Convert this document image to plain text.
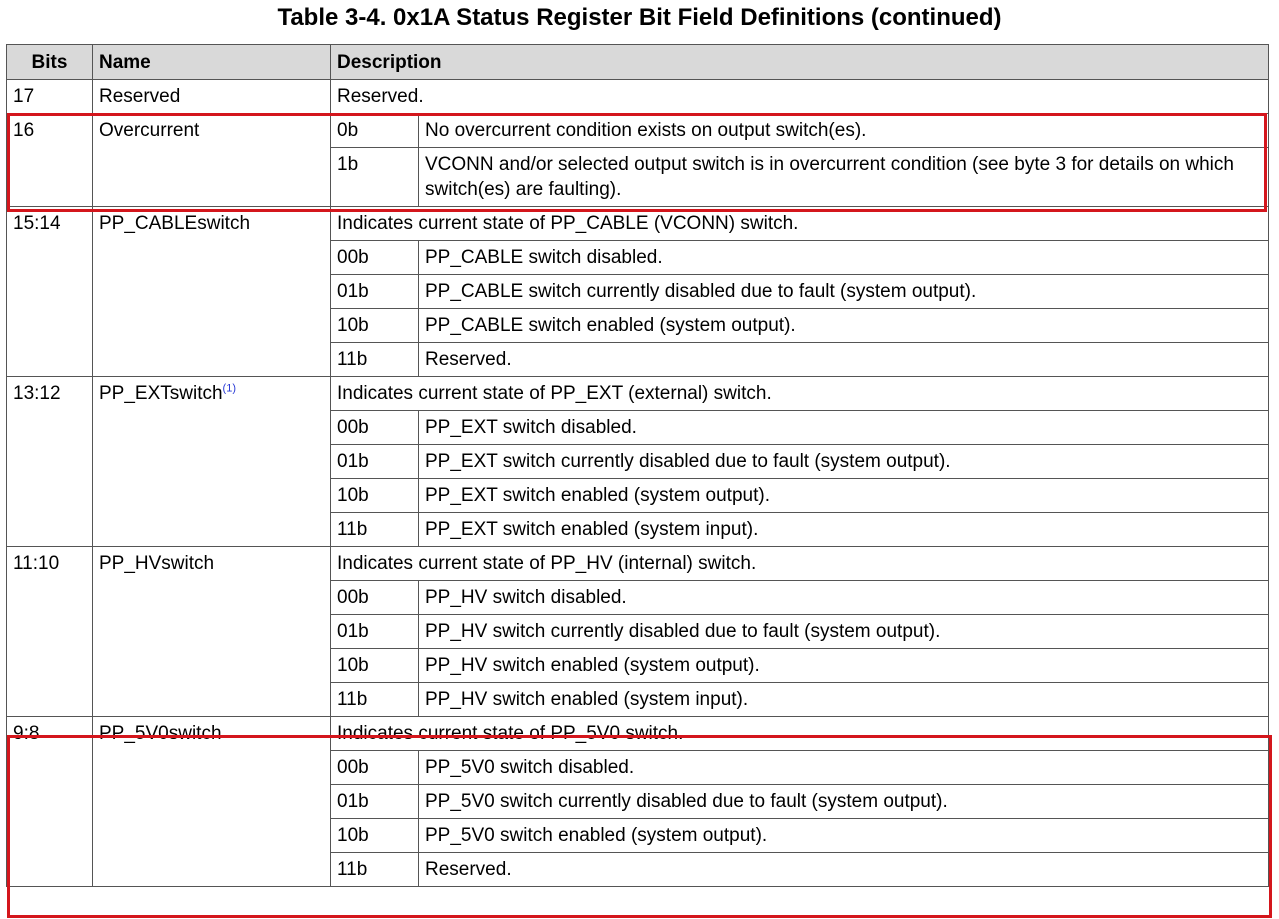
Table 3-4. 0x1A Status Register Bit Field Definitions (continued)
Bits	Name	Description	
17	Reserved	Reserved.	
16	Overcurrent	0b	No overcurrent condition exists on output switch(es).
		1b	VCONN and/or selected output switch is in overcurrent condition (see byte 3 for details on which switch(es) are faulting).
15:14	PP_CABLEswitch	Indicates current state of PP_CABLE (VCONN) switch.	
		00b	PP_CABLE switch disabled.
		01b	PP_CABLE switch currently disabled due to fault (system output).
		10b	PP_CABLE switch enabled (system output).
		11b	Reserved.
13:12	PP_EXTswitch$^{(1)}$	Indicates current state of PP_EXT (external) switch.	
		00b	PP_EXT switch disabled.
		01b	PP_EXT switch currently disabled due to fault (system output).
		10b	PP_EXT switch enabled (system output).
		11b	PP_EXT switch enabled (system input).
11:10	PP_HVswitch	Indicates current state of PP_HV (internal) switch.	
		00b	PP_HV switch disabled.
		01b	PP_HV switch currently disabled due to fault (system output).
		10b	PP_HV switch enabled (system output).
		11b	PP_HV switch enabled (system input).
9:8	PP_5V0switch	Indicates current state of PP_5V0 switch.	
		00b	PP_5V0 switch disabled.
		01b	PP_5V0 switch currently disabled due to fault (system output).
		10b	PP_5V0 switch enabled (system output).
		11b	Reserved.
